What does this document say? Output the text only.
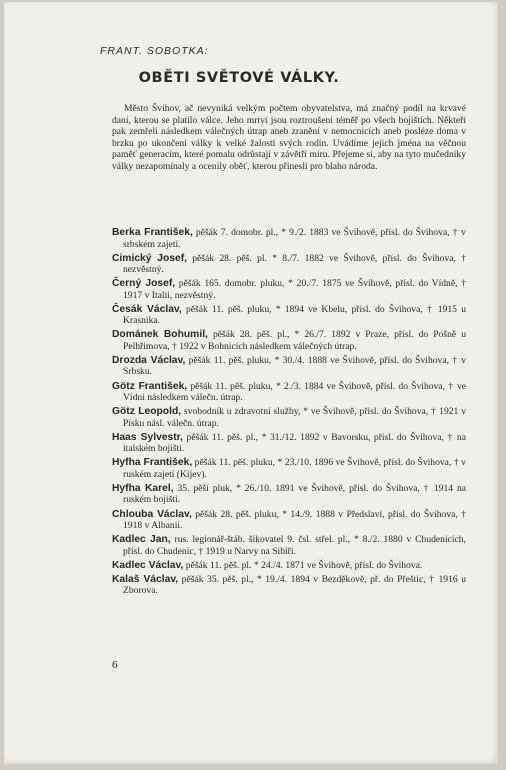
FRANT. SOBOTKA:
OBĚTI SVĚTOVÉ VÁLKY.
Město Švihov, ač nevyniká velkým počtem obyvatelstva, má značný podíl na krvavé dani, kterou se platilo válce. Jeho mrtví jsou roztroušeni téměř po všech bojištích. Někteří pak zemřeli následkem válečných útrap aneb zranění v nemocnicích aneb posléze doma v brzku po ukončení války k velké žalosti svých rodin. Uvádíme jejich jména na věčnou paměť generacím, které pomalu odrůstají v závětří míru. Přejeme si, aby na tyto mučedníky války nezapomínaly a ocenily oběť, kterou přinesli pro blaho národa.
Berka František, pěšák 7. domobr. pl., * 9./2. 1883 ve Švihově, přísl. do Švihova, † v srbském zajetí.
Cimický Josef, pěšák 28. pěš. pl. * 8./7. 1882 ve Švihově, přísl. do Švihova, † nezvěstný.
Černý Josef, pěšák 165. domobr. pluku, * 20./7. 1875 ve Švihově, přísl. do Vídně, † 1917 v Italii, nezvěstný.
Česák Václav, pěšák 11. pěš. pluku, * 1894 ve Kbelu, přísl. do Švihova, † 1915 u Krasnika.
Dománek Bohumil, pěšák 28. pěš. pl., * 26./7. 1892 v Praze, přísl. do Pošně u Pelhřimova, † 1922 v Bohnicích následkem válečných útrap.
Drozda Václav, pěšák 11. pěš. pluku, * 30./4. 1888 ve Švihově, přísl. do Švihova, † v Srbsku.
Götz František, pěšák 11. pěš. pluku, * 2./3. 1884 ve Švihově, přísl. do Švihova, † ve Vídni následkem válečn. útrap.
Götz Leopold, svobodník u zdravotní služby, * ve Švihově, přísl. do Švihova, † 1921 v Písku násl. válečn. útrap.
Haas Sylvestr, pěšák 11. pěš. pl., * 31./12. 1892 v Bavorsku, přísl. do Švihova, † na italském bojišti.
Hyfha František, pěšák 11. pěš. pluku, * 23./10. 1896 ve Švihově, přísl. do Švihova, † v ruském zajetí (Kijev).
Hyfha Karel, 35. pěší pluk, * 26./10. 1891 ve Švihově, přísl. do Švihova, † 1914 na ruském bojišti.
Chlouba Václav, pěšák 28. pěš. pluku, * 14./9. 1888 v Předslavi, přísl. do Švihova, † 1918 v Albanii.
Kadlec Jan, rus. legionář-štáb. šikovatel 9. čsl. střel. pl., * 8./2. 1880 v Chudenicích, přísl. do Chudenic, † 1919 u Narvy na Sibiři.
Kadlec Václav, pěšák 11. pěš. pl. * 24./4. 1871 ve Švihově, přísl. do Švihova.
Kalaš Václav, pěšák 35. pěš. pl., * 19./4. 1894 v Bezděkově, př. do Přeštic, † 1916 u Zborova.
6
